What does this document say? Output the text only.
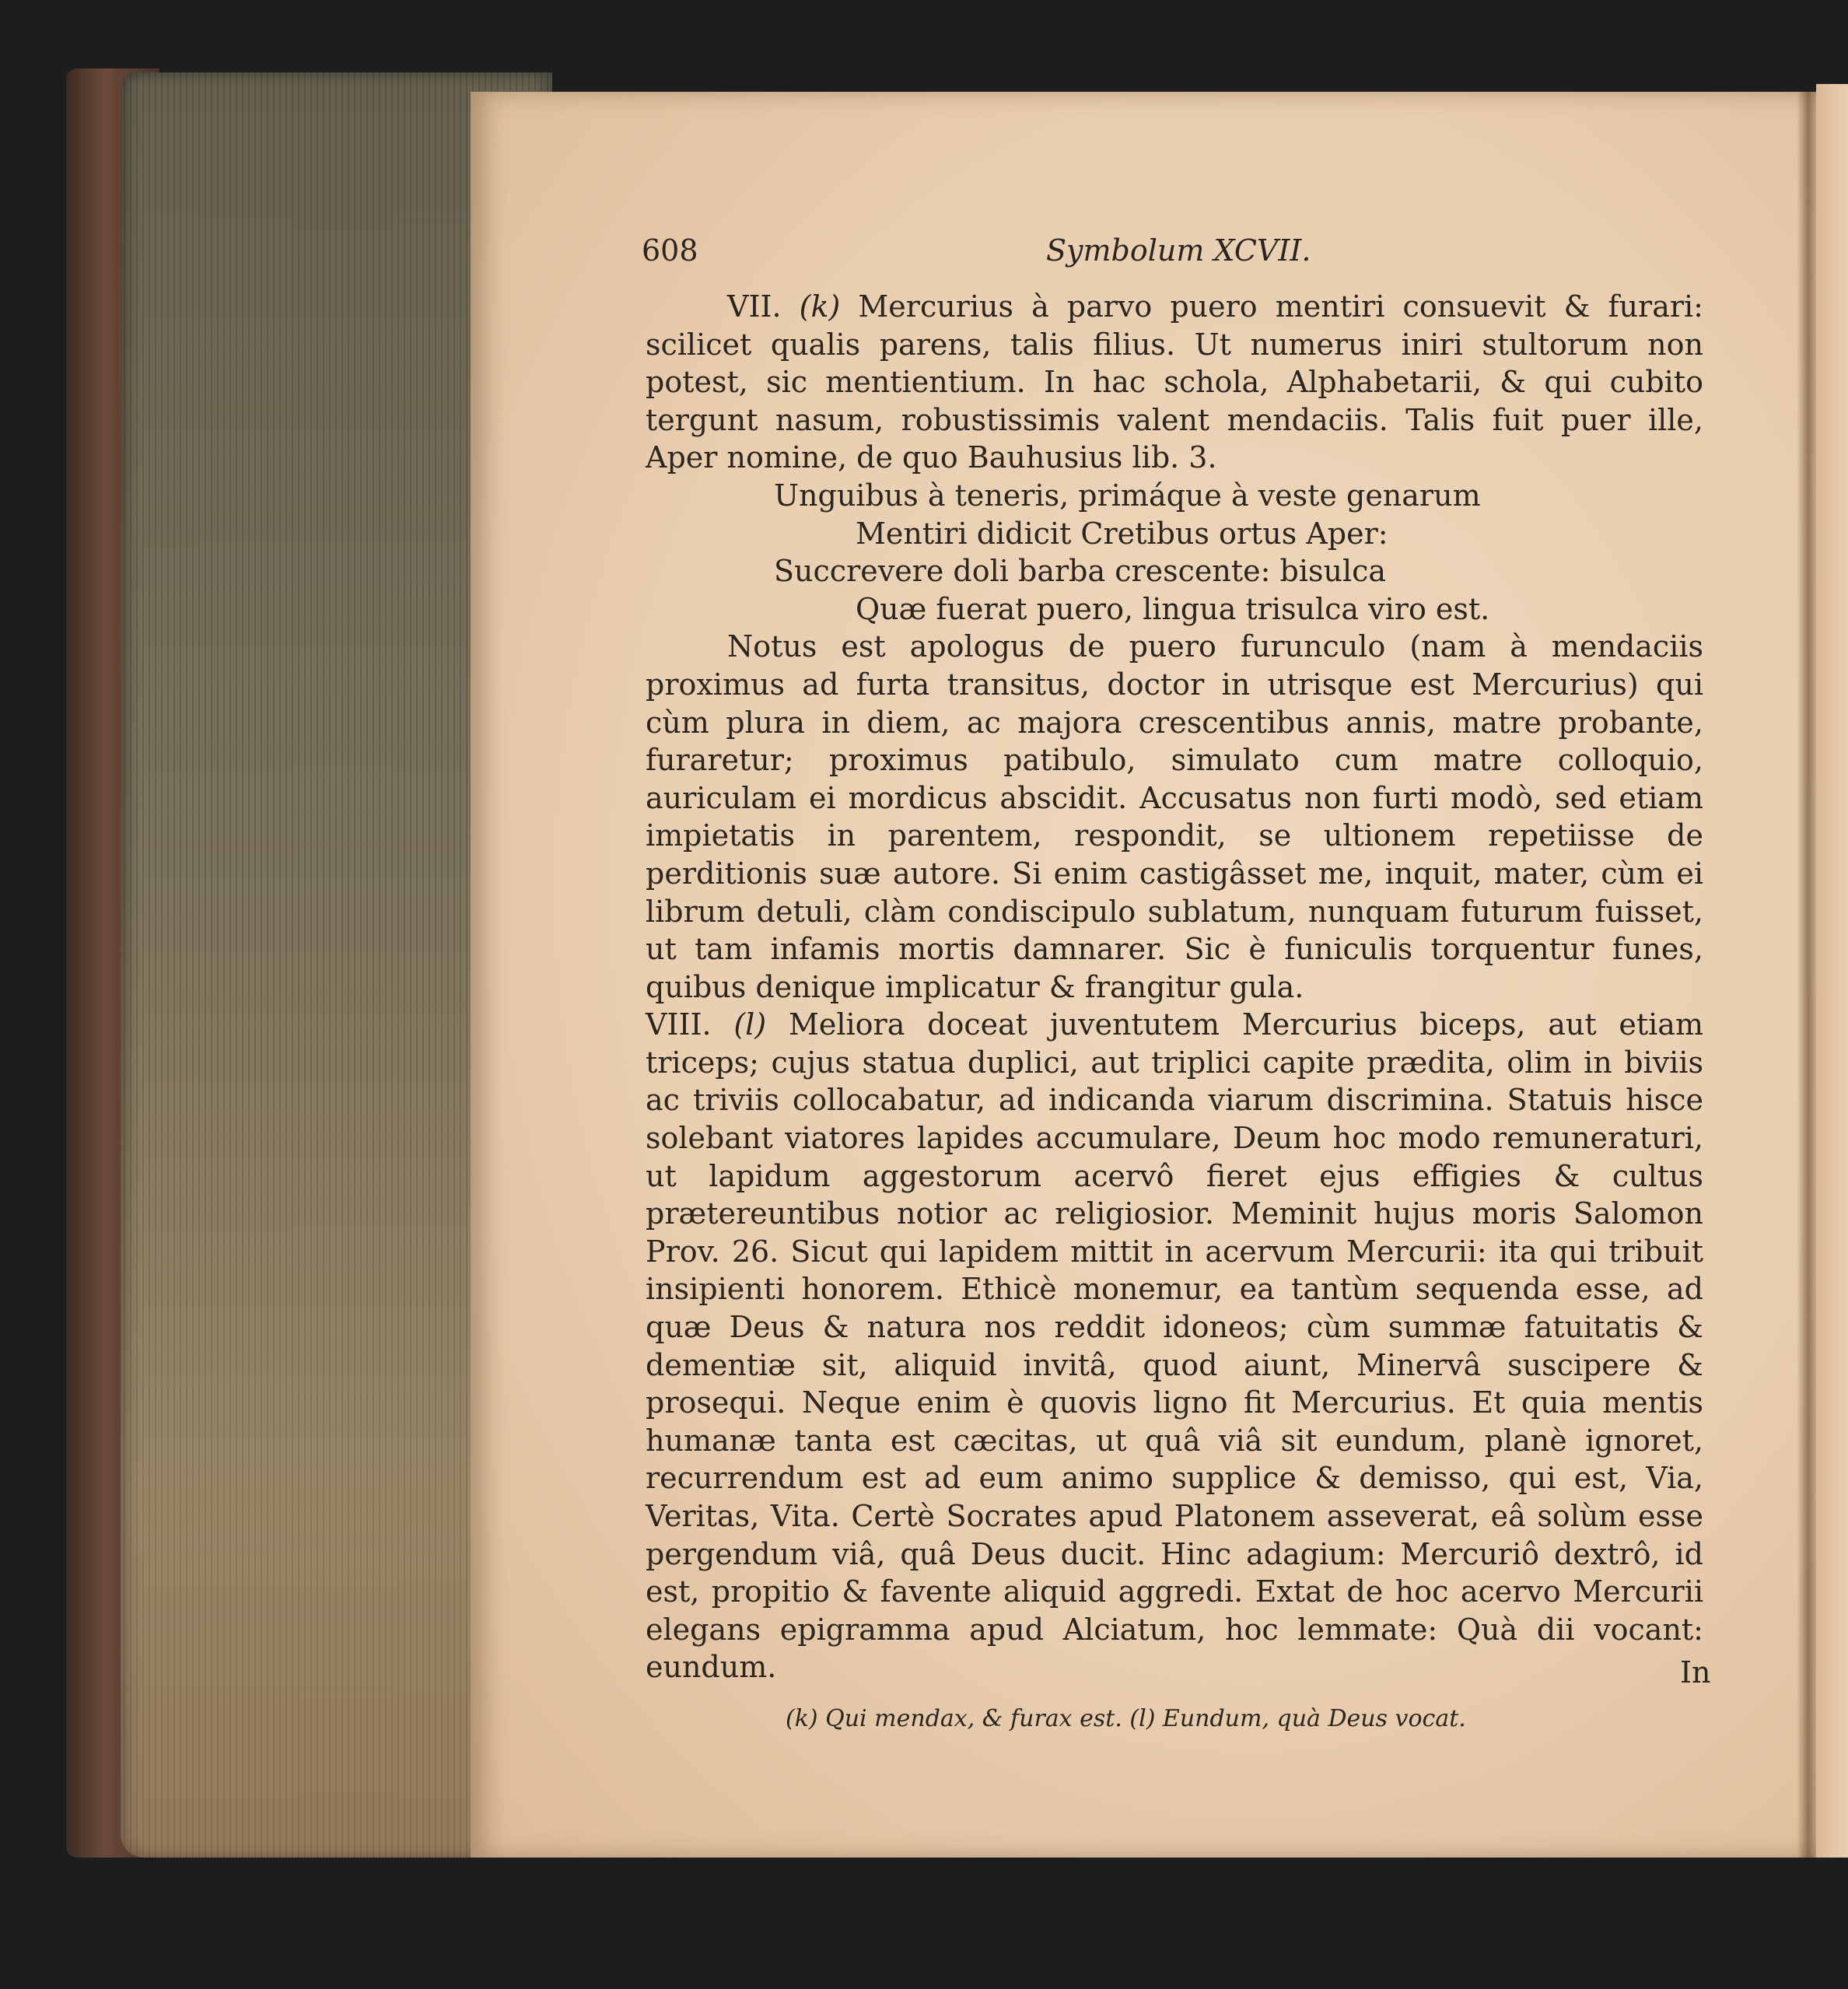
608	Symbolum XCVII.

VII. (k) Mercurius à parvo puero mentiri consuevit & furari: scilicet qualis parens, talis filius. Ut numerus iniri stultorum non potest, sic mentientium. In hac schola, Alphabetarii, & qui cubito tergunt nasum, robustissimis valent mendaciis. Talis fuit puer ille, Aper nomine, de quo Bauhusius lib. 3.

Unguibus à teneris, primáque à veste genarum

Mentiri didicit Cretibus ortus Aper:

Succrevere doli barba crescente: bisulca

Quæ fuerat puero, lingua trisulca viro est.

Notus est apologus de puero furunculo (nam à mendaciis proximus ad furta transitus, doctor in utrisque est Mercurius) qui cùm plura in diem, ac majora crescentibus annis, matre probante, furaretur; proximus patibulo, simulato cum matre colloquio, auriculam ei mordicus abscidit. Accusatus non furti modò, sed etiam impietatis in parentem, respondit, se ultionem repetiisse de perditionis suæ autore. Si enim castigâsset me, inquit, mater, cùm ei librum detuli, clàm condiscipulo sublatum, nunquam futurum fuisset, ut tam infamis mortis damnarer. Sic è funiculis torquentur funes, quibus denique implicatur & frangitur gula.

VIII. (l) Meliora doceat juventutem Mercurius biceps, aut etiam triceps; cujus statua duplici, aut triplici capite prædita, olim in biviis ac triviis collocabatur, ad indicanda viarum discrimina. Statuis hisce solebant viatores lapides accumulare, Deum hoc modo remuneraturi, ut lapidum aggestorum acervô fieret ejus effigies & cultus prætereuntibus notior ac religiosior. Meminit hujus moris Salomon Prov. 26. Sicut qui lapidem mittit in acervum Mercurii: ita qui tribuit insipienti honorem. Ethicè monemur, ea tantùm sequenda esse, ad quæ Deus & natura nos reddit idoneos; cùm summæ fatuitatis & dementiæ sit, aliquid invitâ, quod aiunt, Minervâ suscipere & prosequi. Neque enim è quovis ligno fit Mercurius. Et quia mentis humanæ tanta est cæcitas, ut quâ viâ sit eundum, planè ignoret, recurrendum est ad eum animo supplice & demisso, qui est, Via, Veritas, Vita. Certè Socrates apud Platonem asseverat, eâ solùm esse pergendum viâ, quâ Deus ducit. Hinc adagium: Mercuriô dextrô, id est, propitio & favente aliquid aggredi. Extat de hoc acervo Mercurii elegans epigramma apud Alciatum, hoc lemmate: Quà dii vocant: eundum.	In
(k) Qui mendax, & furax est. (l) Eundum, quà Deus vocat.
